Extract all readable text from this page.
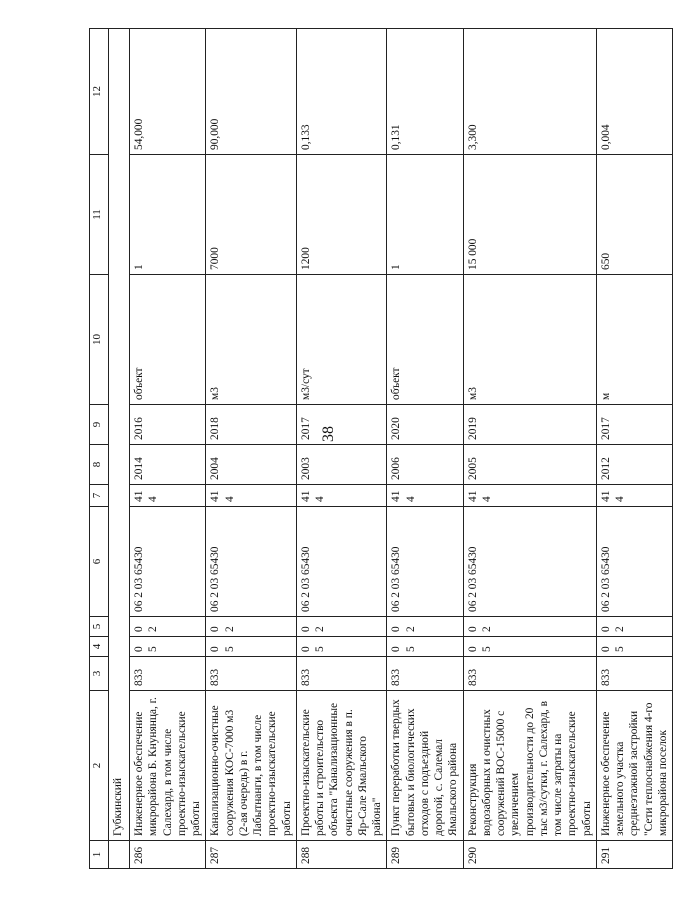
38
1	2	3	4	5	6	7	8	9	10	11	12
	Губкинский										
286	Инженерное обеспечение микрорайона Б. Кнунянца, г. Салехард, в том числе проектно-изыскательские работы	833	05	02	06 2 03 65430	414	2014	2016	объект	1	54,000
287	Канализационно-очистные сооружения КОС-7000 м3 (2-ая очередь) в г. Лабытнанги, в том числе проектно-изыскательские работы	833	05	02	06 2 03 65430	414	2004	2018	м3	7000	90,000
288	Проектно-изыскательские работы и строительство объекта "Канализационные очистные сооружения в п. Яр-Сале Ямальского района"	833	05	02	06 2 03 65430	414	2003	2017	м3/сут	1200	0,133
289	Пункт переработки твердых бытовых и биологических отходов с подъездной дорогой, с. Салемал Ямальского района	833	05	02	06 2 03 65430	414	2006	2020	объект	1	0,131
290	Реконструкция водозаборных и очистных сооружений ВОС-15000 с увеличением производительности до 20 тыс м3/сутки, г. Салехард, в том числе затраты на проектно-изыскательские работы	833	05	02	06 2 03 65430	414	2005	2019	м3	15 000	3,300
291	Инженерное обеспечение земельного участка среднеэтажной застройки "Сети теплоснабжения 4-го микрорайона поселок	833	05	02	06 2 03 65430	414	2012	2017	м	650	0,004
